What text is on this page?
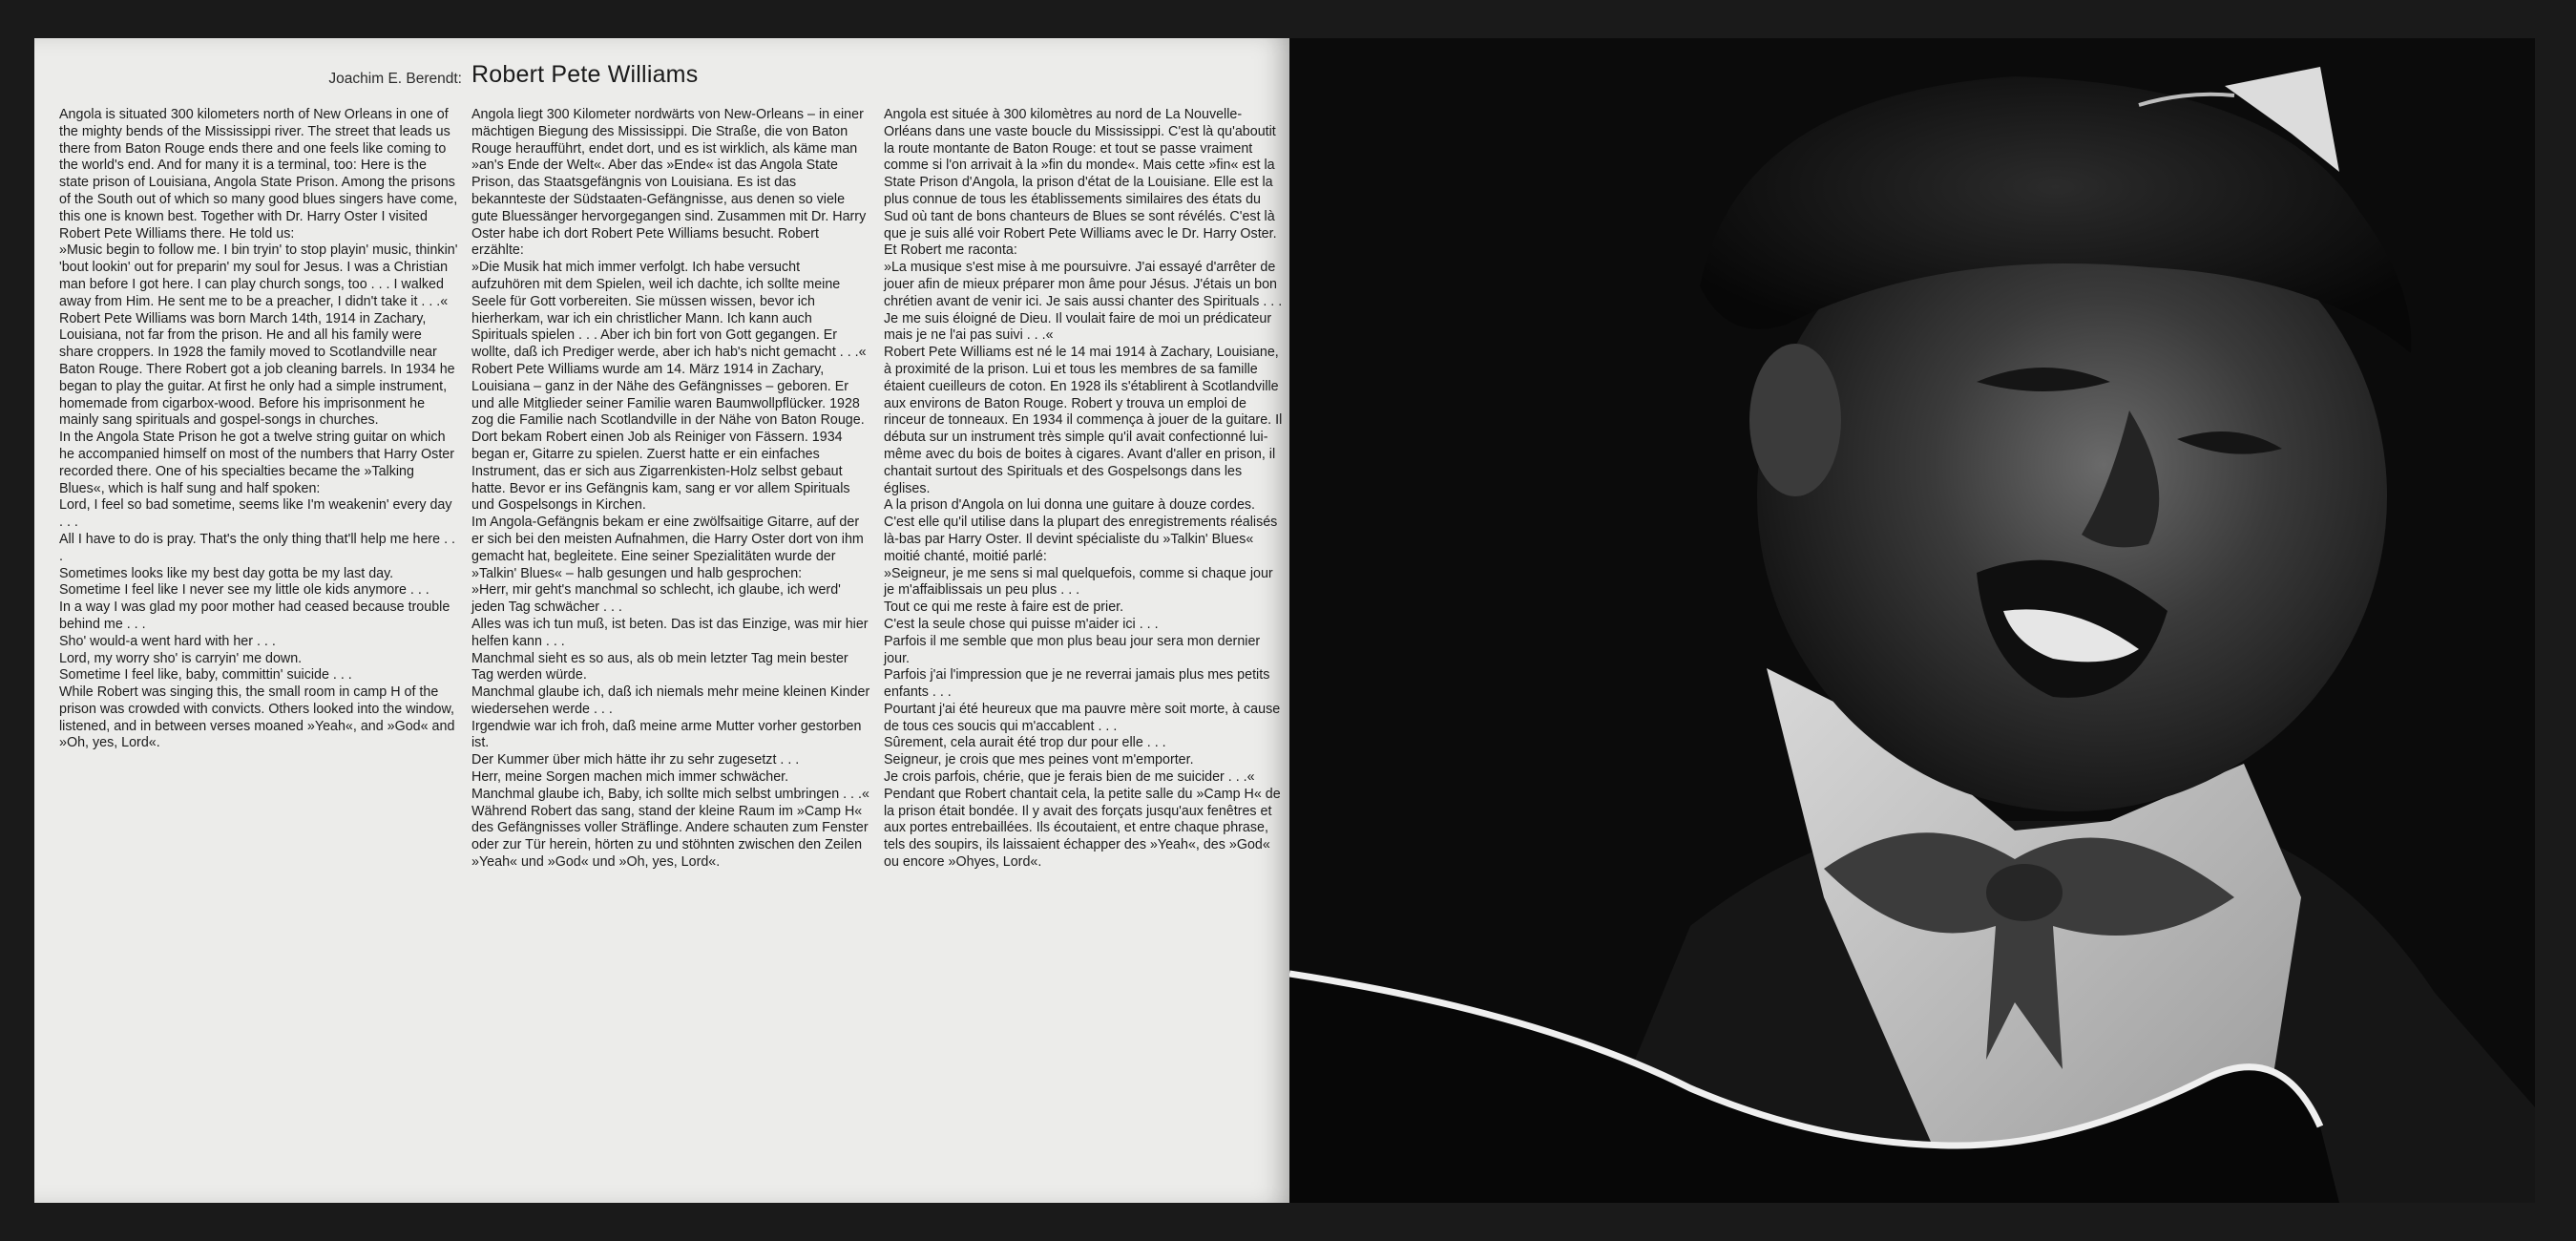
Joachim E. Berendt: Robert Pete Williams

Angola is situated 300 kilometers north of New Orleans in one of the mighty bends of the Mississippi river. The street that leads us there from Baton Rouge ends there and one feels like coming to the world's end. And for many it is a terminal, too: Here is the state prison of Louisiana, Angola State Prison. Among the prisons of the South out of which so many good blues singers have come, this one is known best. Together with Dr. Harry Oster I visited Robert Pete Williams there. He told us:

»Music begin to follow me. I bin tryin' to stop playin' music, thinkin' 'bout lookin' out for preparin' my soul for Jesus. I was a Christian man before I got here. I can play church songs, too . . . I walked away from Him. He sent me to be a preacher, I didn't take it . . .«

Robert Pete Williams was born March 14th, 1914 in Zachary, Louisiana, not far from the prison. He and all his family were share croppers. In 1928 the family moved to Scotlandville near Baton Rouge. There Robert got a job cleaning barrels. In 1934 he began to play the guitar. At first he only had a simple instrument, homemade from cigarbox-wood. Before his imprisonment he mainly sang spirituals and gospel-songs in churches.

In the Angola State Prison he got a twelve string guitar on which he accompanied himself on most of the numbers that Harry Oster recorded there. One of his specialties became the »Talking Blues«, which is half sung and half spoken:

Lord, I feel so bad sometime, seems like I'm weakenin' every day . . .

All I have to do is pray. That's the only thing that'll help me here . . .

Sometimes looks like my best day gotta be my last day.

Sometime I feel like I never see my little ole kids anymore . . .

In a way I was glad my poor mother had ceased because trouble behind me . . .

Sho' would-a went hard with her . . .

Lord, my worry sho' is carryin' me down.

Sometime I feel like, baby, committin' suicide . . .

While Robert was singing this, the small room in camp H of the prison was crowded with convicts. Others looked into the window, listened, and in between verses moaned »Yeah«, and »God« and »Oh, yes, Lord«.

Angola liegt 300 Kilometer nordwärts von New-Orleans – in einer mächtigen Biegung des Mississippi. Die Straße, die von Baton Rouge heraufführt, endet dort, und es ist wirklich, als käme man »an's Ende der Welt«. Aber das »Ende« ist das Angola State Prison, das Staatsgefängnis von Louisiana. Es ist das bekannteste der Südstaaten-Gefängnisse, aus denen so viele gute Bluessänger hervorgegangen sind. Zusammen mit Dr. Harry Oster habe ich dort Robert Pete Williams besucht. Robert erzählte:

»Die Musik hat mich immer verfolgt. Ich habe versucht aufzuhören mit dem Spielen, weil ich dachte, ich sollte meine Seele für Gott vorbereiten. Sie müssen wissen, bevor ich hierherkam, war ich ein christlicher Mann. Ich kann auch Spirituals spielen . . . Aber ich bin fort von Gott gegangen. Er wollte, daß ich Prediger werde, aber ich hab's nicht gemacht . . .«

Robert Pete Williams wurde am 14. März 1914 in Zachary, Louisiana – ganz in der Nähe des Gefängnisses – geboren. Er und alle Mitglieder seiner Familie waren Baumwollpflücker. 1928 zog die Familie nach Scotlandville in der Nähe von Baton Rouge. Dort bekam Robert einen Job als Reiniger von Fässern. 1934 began er, Gitarre zu spielen. Zuerst hatte er ein einfaches Instrument, das er sich aus Zigarrenkisten-Holz selbst gebaut hatte. Bevor er ins Gefängnis kam, sang er vor allem Spirituals und Gospelsongs in Kirchen.

Im Angola-Gefängnis bekam er eine zwölfsaitige Gitarre, auf der er sich bei den meisten Aufnahmen, die Harry Oster dort von ihm gemacht hat, begleitete. Eine seiner Spezialitäten wurde der »Talkin' Blues« – halb gesungen und halb gesprochen:

»Herr, mir geht's manchmal so schlecht, ich glaube, ich werd' jeden Tag schwächer . . .

Alles was ich tun muß, ist beten. Das ist das Einzige, was mir hier helfen kann . . .

Manchmal sieht es so aus, als ob mein letzter Tag mein bester Tag werden würde.

Manchmal glaube ich, daß ich niemals mehr meine kleinen Kinder wiedersehen werde . . .

Irgendwie war ich froh, daß meine arme Mutter vorher gestorben ist.

Der Kummer über mich hätte ihr zu sehr zugesetzt . . .

Herr, meine Sorgen machen mich immer schwächer.

Manchmal glaube ich, Baby, ich sollte mich selbst umbringen . . .«

Während Robert das sang, stand der kleine Raum im »Camp H« des Gefängnisses voller Sträflinge. Andere schauten zum Fenster oder zur Tür herein, hörten zu und stöhnten zwischen den Zeilen »Yeah« und »God« und »Oh, yes, Lord«.

Angola est située à 300 kilomètres au nord de La Nouvelle-Orléans dans une vaste boucle du Mississippi. C'est là qu'aboutit la route montante de Baton Rouge: et tout se passe vraiment comme si l'on arrivait à la »fin du monde«. Mais cette »fin« est la State Prison d'Angola, la prison d'état de la Louisiane. Elle est la plus connue de tous les établissements similaires des états du Sud où tant de bons chanteurs de Blues se sont révélés. C'est là que je suis allé voir Robert Pete Williams avec le Dr. Harry Oster. Et Robert me raconta:

»La musique s'est mise à me poursuivre. J'ai essayé d'arrêter de jouer afin de mieux préparer mon âme pour Jésus. J'étais un bon chrétien avant de venir ici. Je sais aussi chanter des Spirituals . . . Je me suis éloigné de Dieu. Il voulait faire de moi un prédicateur mais je ne l'ai pas suivi . . .«

Robert Pete Williams est né le 14 mai 1914 à Zachary, Louisiane, à proximité de la prison. Lui et tous les membres de sa famille étaient cueilleurs de coton. En 1928 ils s'établirent à Scotlandville aux environs de Baton Rouge. Robert y trouva un emploi de rinceur de tonneaux. En 1934 il commença à jouer de la guitare. Il débuta sur un instrument très simple qu'il avait confectionné lui-même avec du bois de boites à cigares. Avant d'aller en prison, il chantait surtout des Spirituals et des Gospelsongs dans les églises.

A la prison d'Angola on lui donna une guitare à douze cordes. C'est elle qu'il utilise dans la plupart des enregistrements réalisés là-bas par Harry Oster. Il devint spécialiste du »Talkin' Blues« moitié chanté, moitié parlé:

»Seigneur, je me sens si mal quelquefois, comme si chaque jour je m'affaiblissais un peu plus . . .

Tout ce qui me reste à faire est de prier.

C'est la seule chose qui puisse m'aider ici . . .

Parfois il me semble que mon plus beau jour sera mon dernier jour.

Parfois j'ai l'impression que je ne reverrai jamais plus mes petits enfants . . .

Pourtant j'ai été heureux que ma pauvre mère soit morte, à cause de tous ces soucis qui m'accablent . . .

Sûrement, cela aurait été trop dur pour elle . . .

Seigneur, je crois que mes peines vont m'emporter.

Je crois parfois, chérie, que je ferais bien de me suicider . . .«

Pendant que Robert chantait cela, la petite salle du »Camp H« de la prison était bondée. Il y avait des forçats jusqu'aux fenêtres et aux portes entrebaillées. Ils écoutaient, et entre chaque phrase, tels des soupirs, ils laissaient échapper des »Yeah«, des »God« ou encore »Ohyes, Lord«.
